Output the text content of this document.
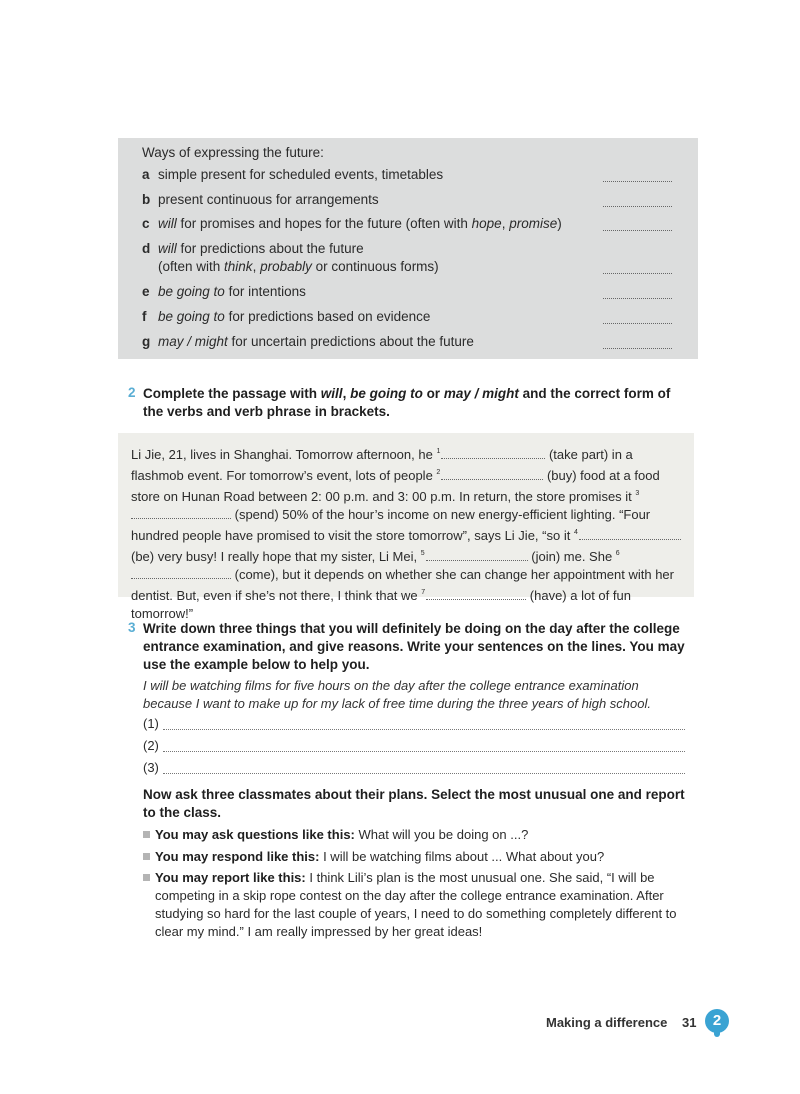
Ways of expressing the future:
a simple present for scheduled events, timetables
b present continuous for arrangements
c will for promises and hopes for the future (often with hope, promise)
d will for predictions about the future
(often with think, probably or continuous forms)
e be going to for intentions
f be going to for predictions based on evidence
g may / might for uncertain predictions about the future
2 Complete the passage with will, be going to or may / might and the correct form of the verbs and verb phrase in brackets.
Li Jie, 21, lives in Shanghai. Tomorrow afternoon, he $^1$	(take part) in a flashmob event. For tomorrow’s event, lots of people $^2$	(buy) food at a food store on Hunan Road between 2: 00 p.m. and 3: 00 p.m. In return, the store promises it $^3$ (spend) 50% of the hour’s income on new energy-efficient lighting. “Four hundred people have promised to visit the store tomorrow”, says Li Jie, “so it $^4$ (be) very busy! I really hope that my sister, Li Mei, $^5$	(join) me. She $^6$ (come), but it depends on whether she can change her appointment with her dentist. But, even if she’s not there, I think that we $^7$	(have) a lot of fun tomorrow!”
3 Write down three things that you will definitely be doing on the day after the college entrance examination, and give reasons. Write your sentences on the lines. You may use the example below to help you.
I will be watching films for five hours on the day after the college entrance examination because I want to make up for my lack of free time during the three years of high school.
(1)
(2)
(3)
Now ask three classmates about their plans. Select the most unusual one and report to the class.
You may ask questions like this: What will you be doing on ...?
You may respond like this: I will be watching films about ... What about you?
You may report like this: I think Lili’s plan is the most unusual one. She said, “I will be competing in a skip rope contest on the day after the college entrance examination. After studying so hard for the last couple of years, I need to do something completely different to clear my mind.” I am really impressed by her great ideas!
Making a difference 31	2
